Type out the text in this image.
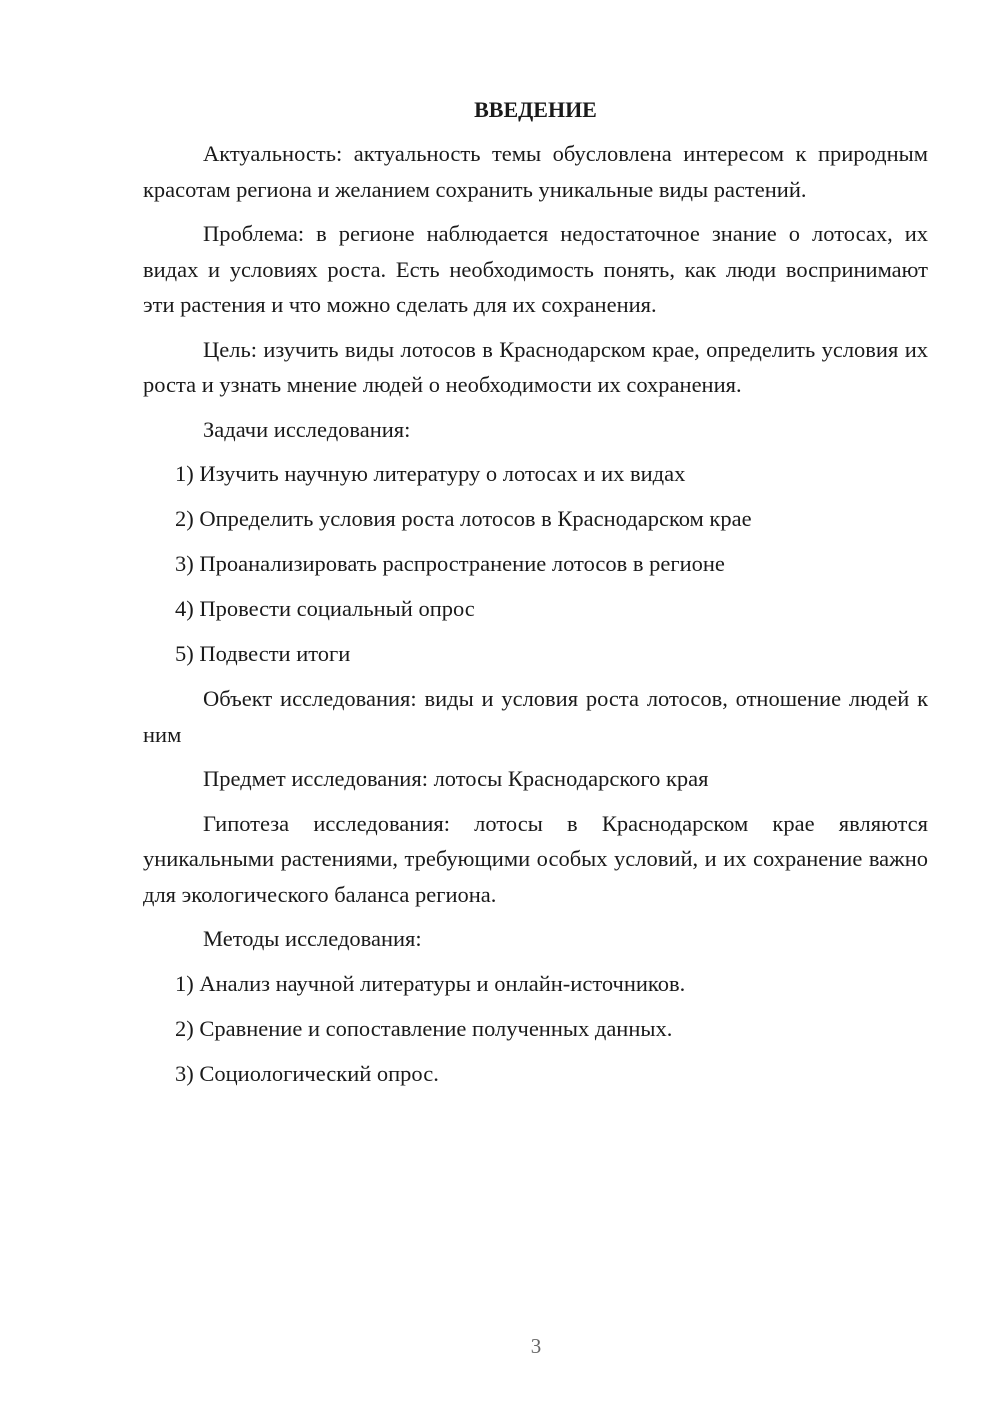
ВВЕДЕНИЕ

Актуальность: актуальность темы обусловлена интересом к природным красотам региона и желанием сохранить уникальные виды растений.

Проблема: в регионе наблюдается недостаточное знание о лотосах, их видах и условиях роста. Есть необходимость понять, как люди воспринимают эти растения и что можно сделать для их сохранения.

Цель: изучить виды лотосов в Краснодарском крае, определить условия их роста и узнать мнение людей о необходимости их сохранения.

Задачи исследования:

1) Изучить научную литературу о лотосах и их видах
2) Определить условия роста лотосов в Краснодарском крае
3) Проанализировать распространение лотосов в регионе
4) Провести социальный опрос
5) Подвести итоги

Объект исследования: виды и условия роста лотосов, отношение людей к ним

Предмет исследования: лотосы Краснодарского края

Гипотеза исследования: лотосы в Краснодарском крае являются уникальными растениями, требующими особых условий, и их сохранение важно для экологического баланса региона.

Методы исследования:

1) Анализ научной литературы и онлайн-источников.
2) Сравнение и сопоставление полученных данных.
3) Социологический опрос.
3
